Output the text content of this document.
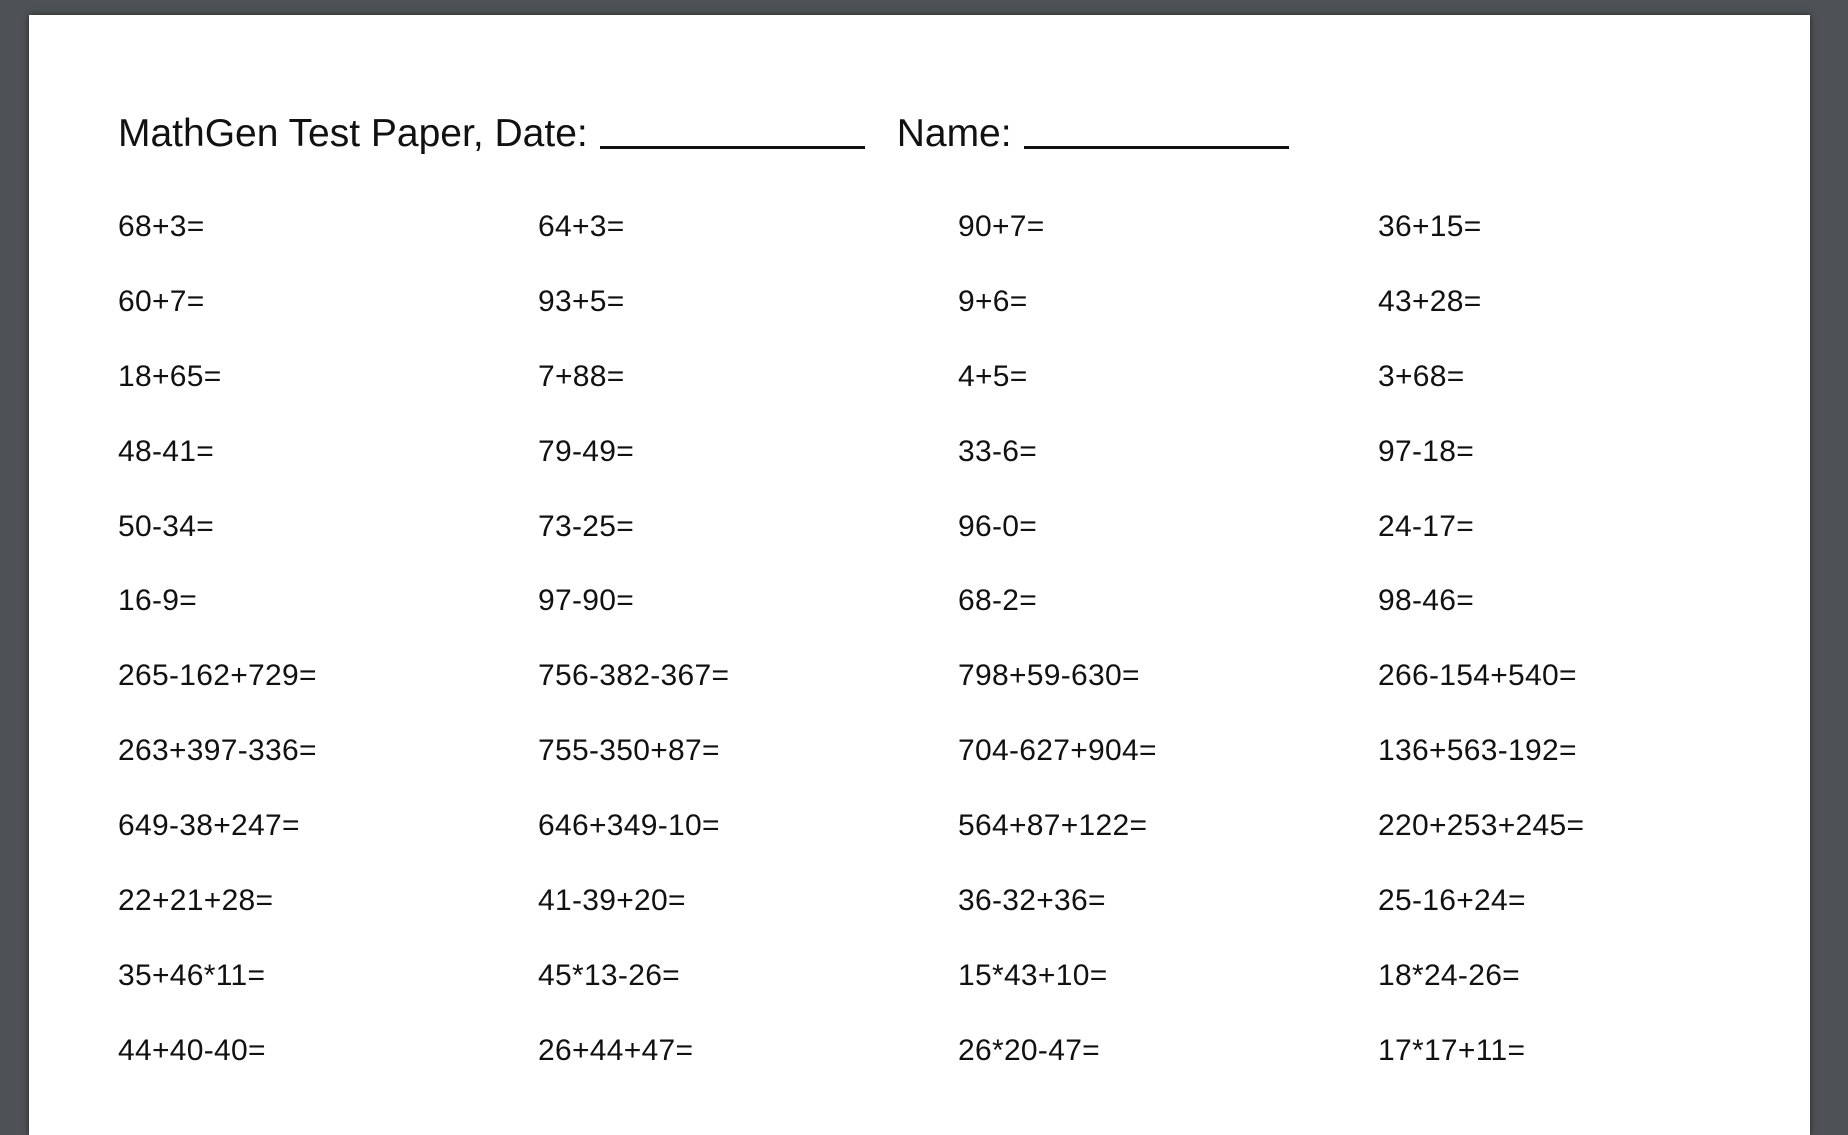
MathGen Test Paper, Date:	Name:
68+3=	64+3=	90+7=	36+15=
60+7=	93+5=	9+6=	43+28=
18+65=	7+88=	4+5=	3+68=
48-41=	79-49=	33-6=	97-18=
50-34=	73-25=	96-0=	24-17=
16-9=	97-90=	68-2=	98-46=
265-162+729=	756-382-367=	798+59-630=	266-154+540=
263+397-336=	755-350+87=	704-627+904=	136+563-192=
649-38+247=	646+349-10=	564+87+122=	220+253+245=
22+21+28=	41-39+20=	36-32+36=	25-16+24=
35+46*11=	45*13-26=	15*43+10=	18*24-26=
44+40-40=	26+44+47=	26*20-47=	17*17+11=
